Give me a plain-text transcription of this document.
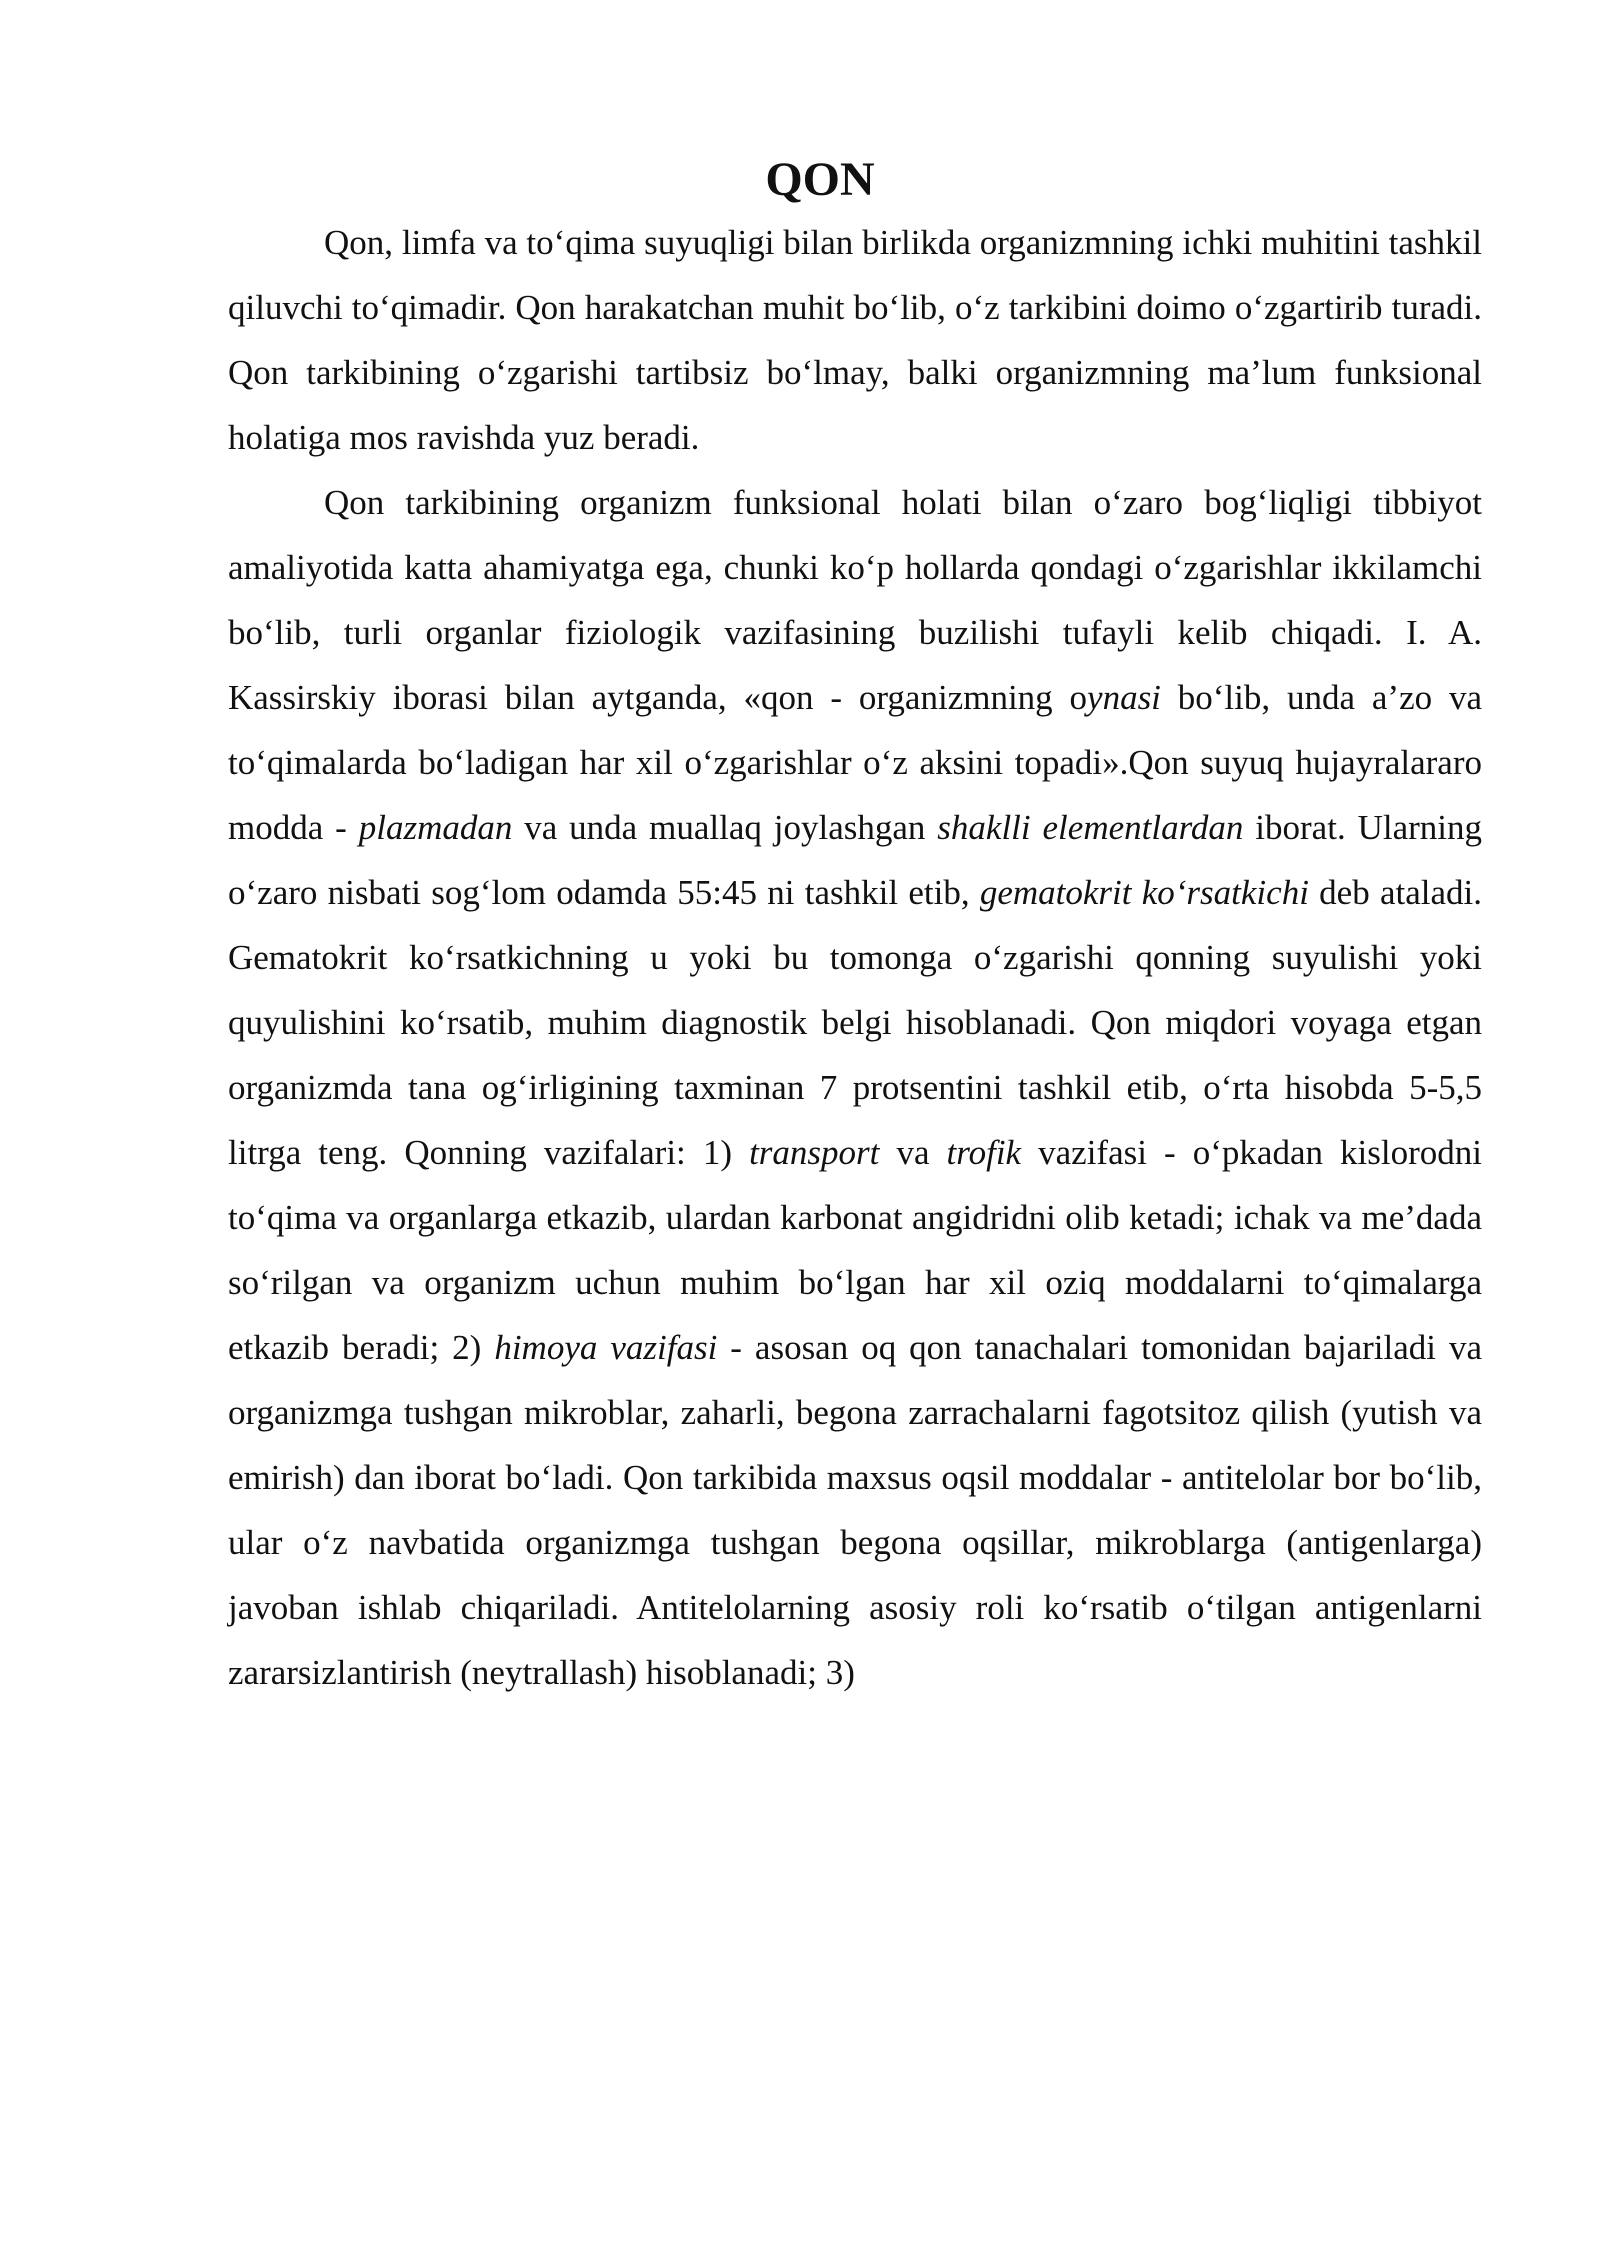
QON

Qon, limfa va to‘qima suyuqligi bilan birlikda organizmning ichki muhitini tashkil qiluvchi to‘qimadir. Qon harakatchan muhit bo‘lib, o‘z tarkibini doimo o‘zgartirib turadi. Qon tarkibining o‘zgarishi tartibsiz bo‘lmay, balki organizmning ma’lum funksional holatiga mos ravishda yuz beradi.

Qon tarkibining organizm funksional holati bilan o‘zaro bog‘liqligi tibbiyot amaliyotida katta ahamiyatga ega, chunki ko‘p hollarda qondagi o‘zgarishlar ikkilamchi bo‘lib, turli organlar fiziologik vazifasining buzilishi tufayli kelib chiqadi. I. A. Kassirskiy iborasi bilan aytganda, «qon - organizmning oynasi bo‘lib, unda a’zo va to‘qimalarda bo‘ladigan har xil o‘zgarishlar o‘z aksini topadi».Qon suyuq hujayralararo modda - plazmadan va unda muallaq joylashgan shaklli elementlardan iborat. Ularning o‘zaro nisbati sog‘lom odamda 55:45 ni tashkil etib, gematokrit ko‘rsatkichi deb ataladi. Gematokrit ko‘rsatkichning u yoki bu tomonga o‘zgarishi qonning suyulishi yoki quyulishini ko‘rsatib, muhim diagnostik belgi hisoblanadi. Qon miqdori voyaga etgan organizmda tana og‘irligining taxminan 7 protsentini tashkil etib, o‘rta hisobda 5-5,5 litrga teng. Qonning vazifalari: 1) transport va trofik vazifasi - o‘pkadan kislorodni to‘qima va organlarga etkazib, ulardan karbonat angidridni olib ketadi; ichak va me’dada so‘rilgan va organizm uchun muhim bo‘lgan har xil oziq moddalarni to‘qimalarga etkazib beradi; 2) himoya vazifasi - asosan oq qon tanachalari tomonidan bajariladi va organizmga tushgan mikroblar, zaharli, begona zarrachalarni fagotsitoz qilish (yutish va emirish) dan iborat bo‘ladi. Qon tarkibida maxsus oqsil moddalar - antitelolar bor bo‘lib, ular o‘z navbatida organizmga tushgan begona oqsillar, mikroblarga (antigenlarga) javoban ishlab chiqariladi. Antitelolarning asosiy roli ko‘rsatib o‘tilgan antigenlarni zararsizlantirish (neytrallash) hisoblanadi; 3)
